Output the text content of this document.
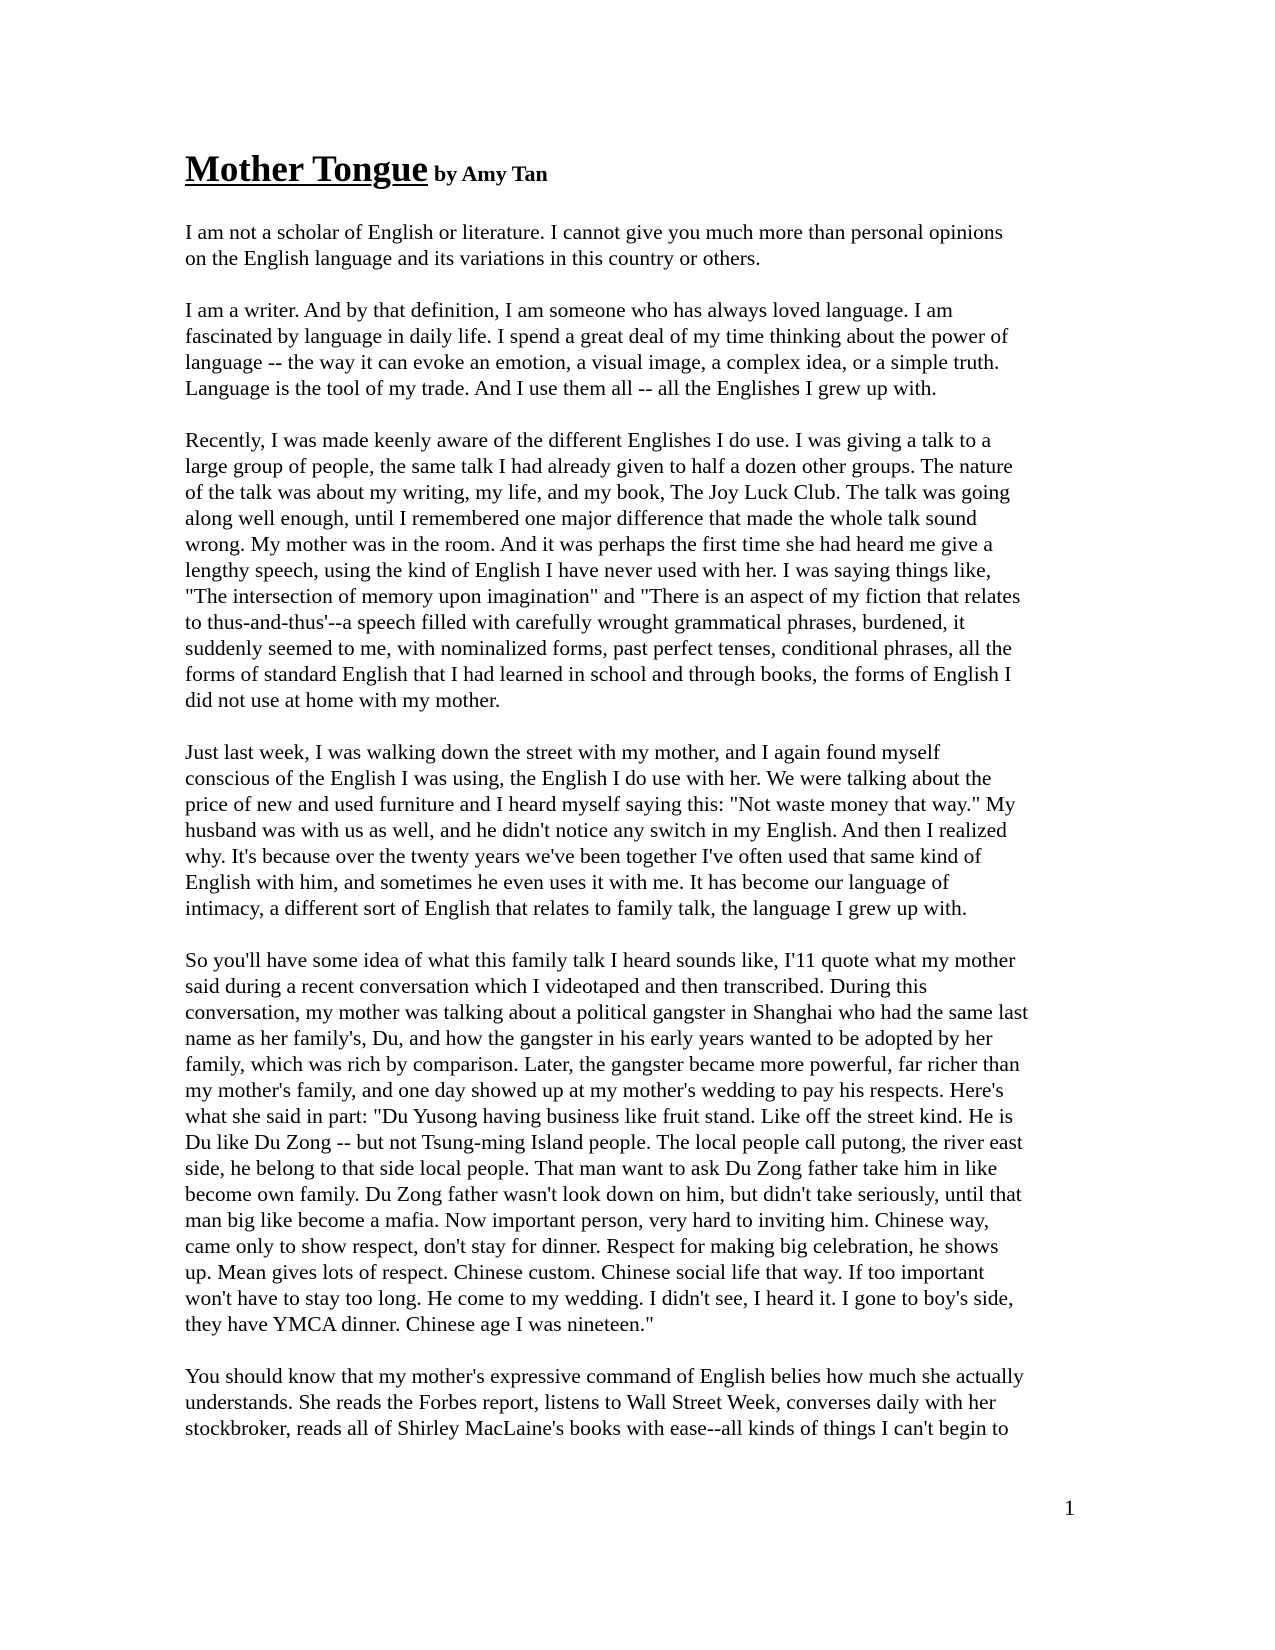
Mother Tongue by Amy Tan

I am not a scholar of English or literature. I cannot give you much more than personal opinions
on the English language and its variations in this country or others.

I am a writer. And by that definition, I am someone who has always loved language. I am
fascinated by language in daily life. I spend a great deal of my time thinking about the power of
language -- the way it can evoke an emotion, a visual image, a complex idea, or a simple truth.
Language is the tool of my trade. And I use them all -- all the Englishes I grew up with.

Recently, I was made keenly aware of the different Englishes I do use. I was giving a talk to a
large group of people, the same talk I had already given to half a dozen other groups. The nature
of the talk was about my writing, my life, and my book, The Joy Luck Club. The talk was going
along well enough, until I remembered one major difference that made the whole talk sound
wrong. My mother was in the room. And it was perhaps the first time she had heard me give a
lengthy speech, using the kind of English I have never used with her. I was saying things like,
"The intersection of memory upon imagination" and "There is an aspect of my fiction that relates
to thus-and-thus'--a speech filled with carefully wrought grammatical phrases, burdened, it
suddenly seemed to me, with nominalized forms, past perfect tenses, conditional phrases, all the
forms of standard English that I had learned in school and through books, the forms of English I
did not use at home with my mother.

Just last week, I was walking down the street with my mother, and I again found myself
conscious of the English I was using, the English I do use with her. We were talking about the
price of new and used furniture and I heard myself saying this: "Not waste money that way." My
husband was with us as well, and he didn't notice any switch in my English. And then I realized
why. It's because over the twenty years we've been together I've often used that same kind of
English with him, and sometimes he even uses it with me. It has become our language of
intimacy, a different sort of English that relates to family talk, the language I grew up with.

So you'll have some idea of what this family talk I heard sounds like, I'11 quote what my mother
said during a recent conversation which I videotaped and then transcribed. During this
conversation, my mother was talking about a political gangster in Shanghai who had the same last
name as her family's, Du, and how the gangster in his early years wanted to be adopted by her
family, which was rich by comparison. Later, the gangster became more powerful, far richer than
my mother's family, and one day showed up at my mother's wedding to pay his respects. Here's
what she said in part: "Du Yusong having business like fruit stand. Like off the street kind. He is
Du like Du Zong -- but not Tsung-ming Island people. The local people call putong, the river east
side, he belong to that side local people. That man want to ask Du Zong father take him in like
become own family. Du Zong father wasn't look down on him, but didn't take seriously, until that
man big like become a mafia. Now important person, very hard to inviting him. Chinese way,
came only to show respect, don't stay for dinner. Respect for making big celebration, he shows
up. Mean gives lots of respect. Chinese custom. Chinese social life that way. If too important
won't have to stay too long. He come to my wedding. I didn't see, I heard it. I gone to boy's side,
they have YMCA dinner. Chinese age I was nineteen."

You should know that my mother's expressive command of English belies how much she actually
understands. She reads the Forbes report, listens to Wall Street Week, converses daily with her
stockbroker, reads all of Shirley MacLaine's books with ease--all kinds of things I can't begin to

1
